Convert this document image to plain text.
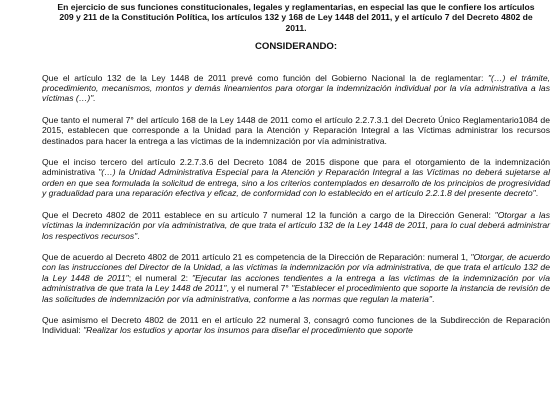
En ejercicio de sus funciones constitucionales, legales y reglamentarias, en especial las que le confiere los artículos 209 y 211 de la Constitución Política, los artículos 132 y 168 de Ley 1448 del 2011, y el artículo 7 del Decreto 4802 de 2011.
CONSIDERANDO:

Que el artículo 132 de la Ley 1448 de 2011 prevé como función del Gobierno Nacional la de reglamentar: "(…) el trámite, procedimiento, mecanismos, montos y demás lineamientos para otorgar la indemnización individual por la vía administrativa a las víctimas (…)".

Que tanto el numeral 7° del artículo 168 de la Ley 1448 de 2011 como el artículo 2.2.7.3.1 del Decreto Único Reglamentario1084 de 2015, establecen que corresponde a la Unidad para la Atención y Reparación Integral a las Víctimas administrar los recursos destinados para hacer la entrega a las víctimas de la indemnización por vía administrativa.

Que el inciso tercero del artículo 2.2.7.3.6 del Decreto 1084 de 2015 dispone que para el otorgamiento de la indemnización administrativa "(…) la Unidad Administrativa Especial para la Atención y Reparación Integral a las Víctimas no deberá sujetarse al orden en que sea formulada la solicitud de entrega, sino a los criterios contemplados en desarrollo de los principios de progresividad y gradualidad para una reparación efectiva y eficaz, de conformidad con lo establecido en el artículo 2.2.1.8 del presente decreto".

Que el Decreto 4802 de 2011 establece en su artículo 7 numeral 12 la función a cargo de la Dirección General: "Otorgar a las víctimas la indemnización por vía administrativa, de que trata el artículo 132 de la Ley 1448 de 2011, para lo cual deberá administrar los respectivos recursos".

Que de acuerdo al Decreto 4802 de 2011 artículo 21 es competencia de la Dirección de Reparación: numeral 1, "Otorgar, de acuerdo con las instrucciones del Director de la Unidad, a las víctimas la indemnización por vía administrativa, de que trata el artículo 132 de la Ley 1448 de 2011"; el numeral 2: "Ejecutar las acciones tendientes a la entrega a las víctimas de la indemnización por vía administrativa de que trata la Ley 1448 de 2011", y el numeral 7° "Establecer el procedimiento que soporte la instancia de revisión de las solicitudes de indemnización por vía administrativa, conforme a las normas que regulan la materia".

Que asimismo el Decreto 4802 de 2011 en el artículo 22 numeral 3, consagró como funciones de la Subdirección de Reparación Individual: "Realizar los estudios y aportar los insumos para diseñar el procedimiento que soporte
